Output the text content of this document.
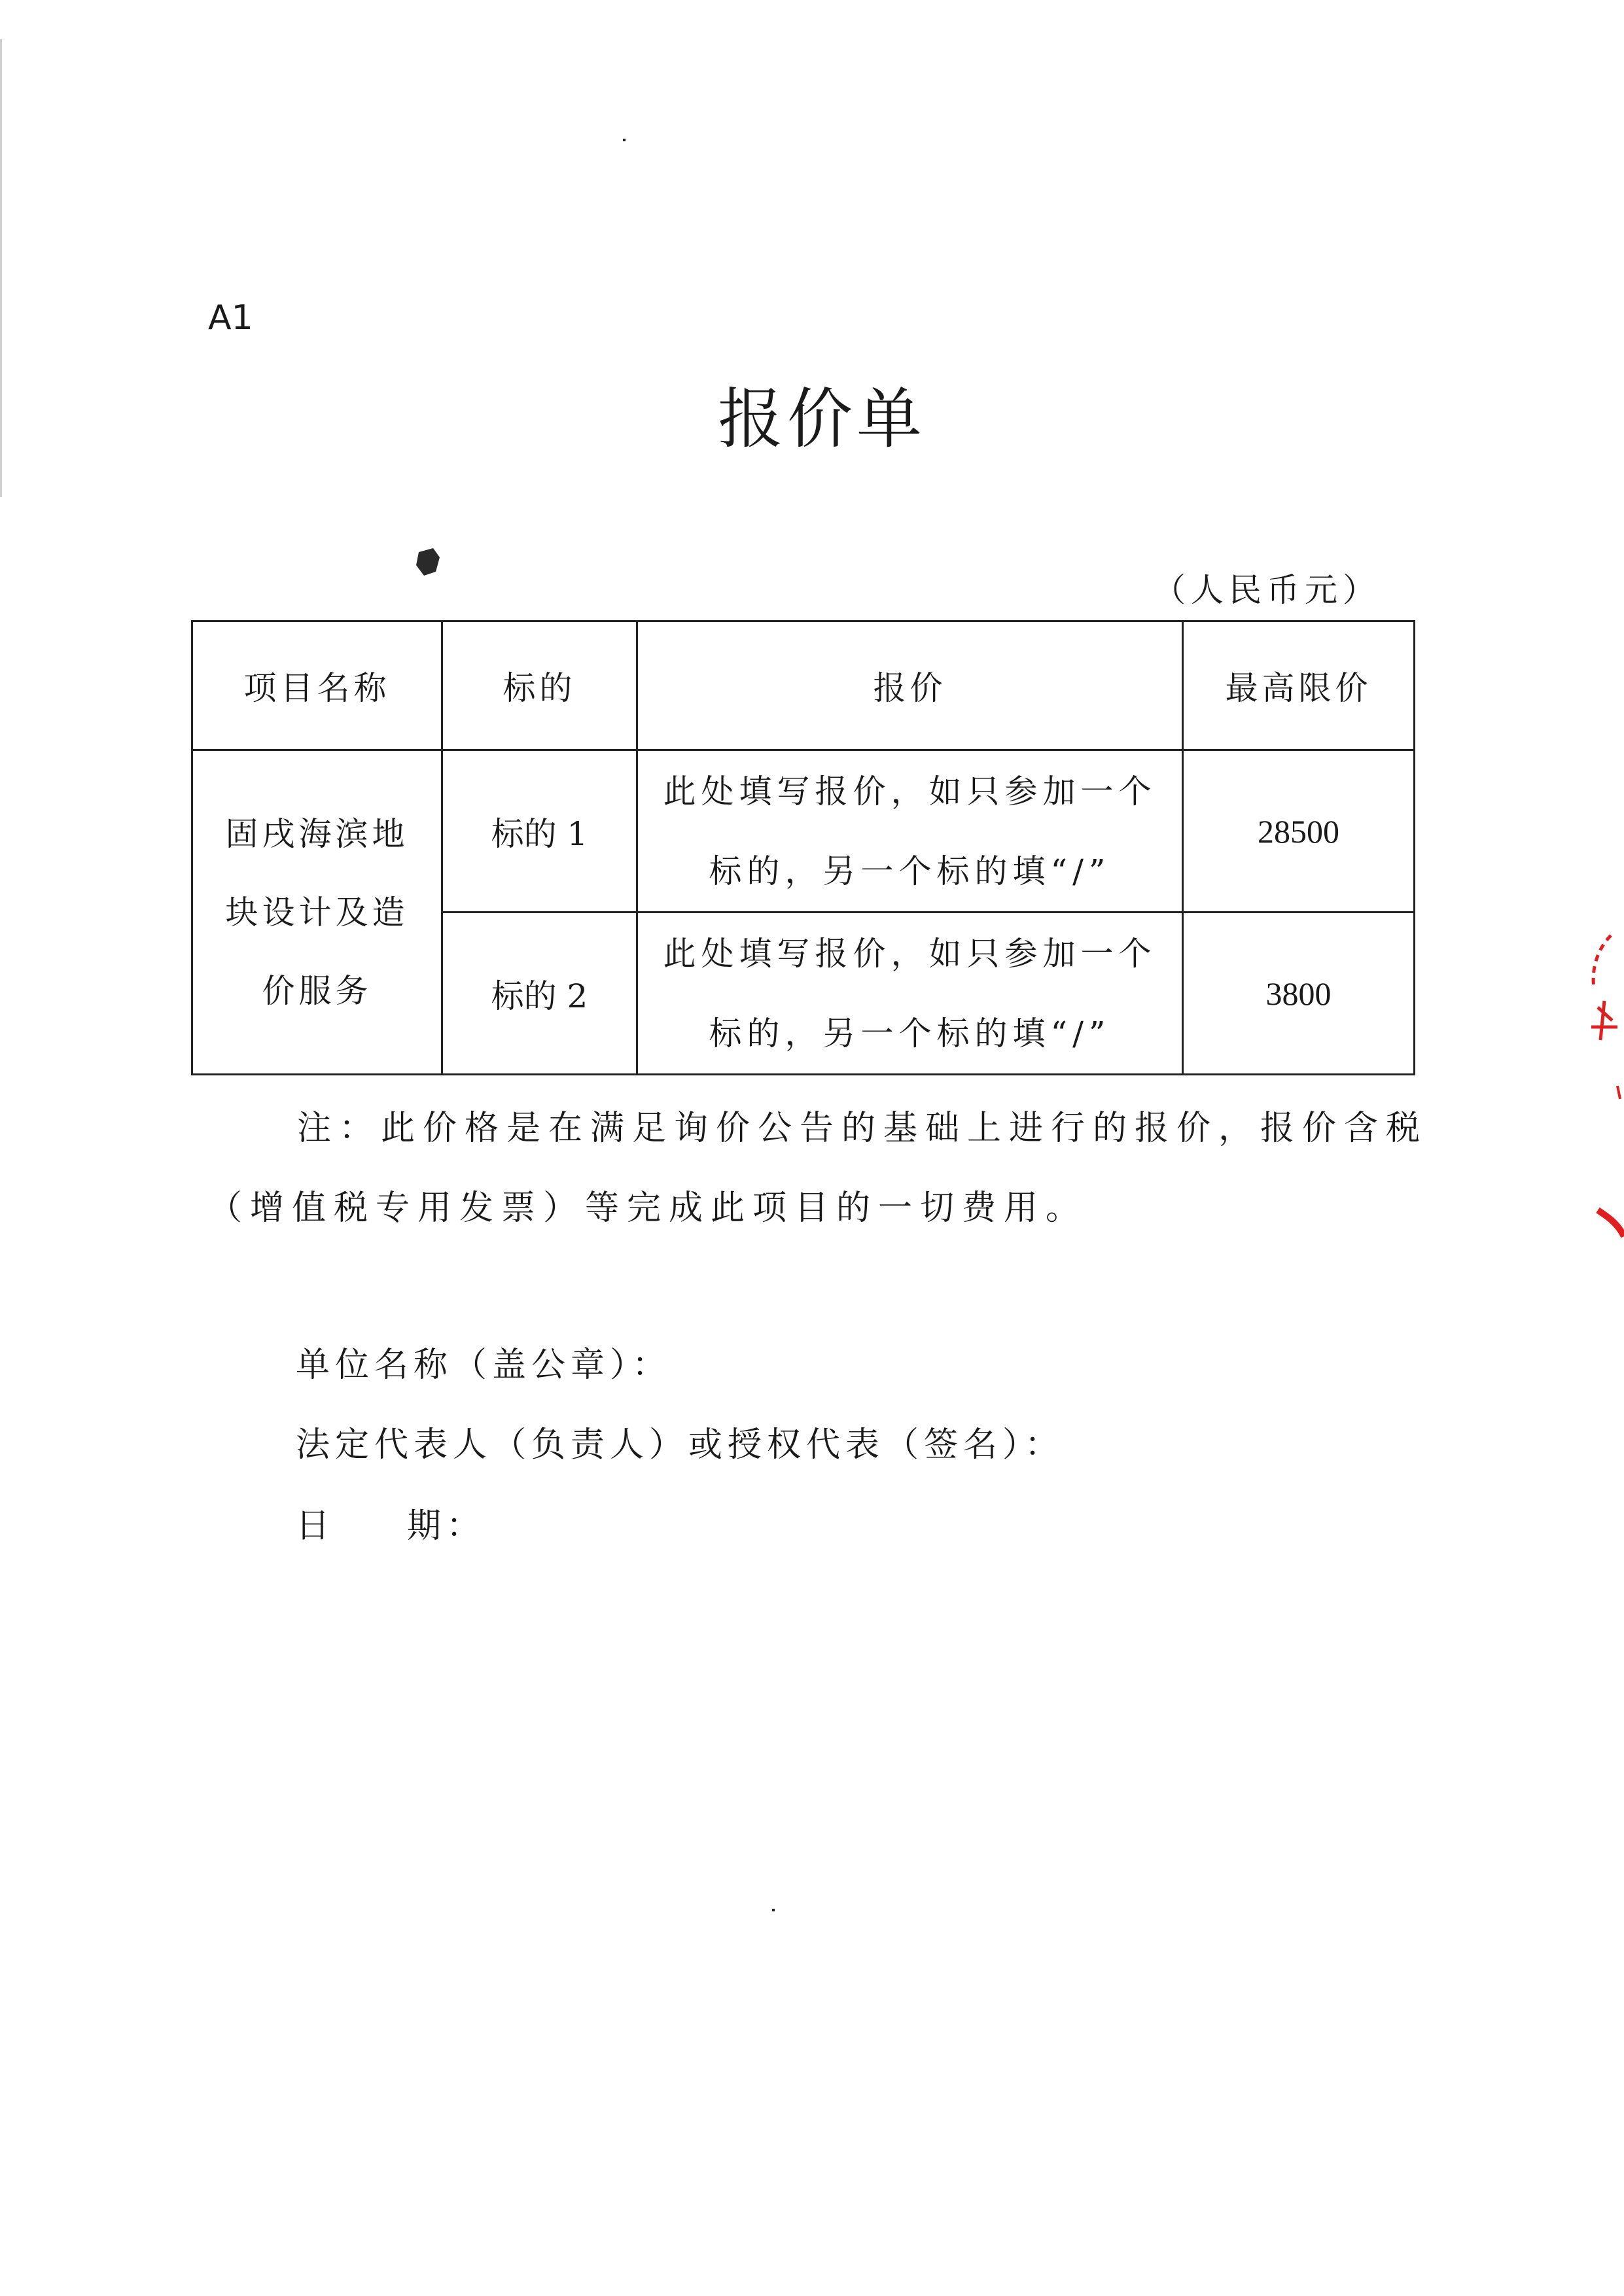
A1
报价单
（人民币元）
项目名称	标的	报价	最高限价

固戌海滨地块设计及造价服务	标的 1	此处填写报价，如只参加一个标的，另一个标的填“/”	28500
	标的 2	此处填写报价，如只参加一个标的，另一个标的填“/”	3800
注：此价格是在满足询价公告的基础上进行的报价，报价含税（增值税专用发票）等完成此项目的一切费用。
单位名称（盖公章）：
法定代表人（负责人）或授权代表（签名）：
日 期：
